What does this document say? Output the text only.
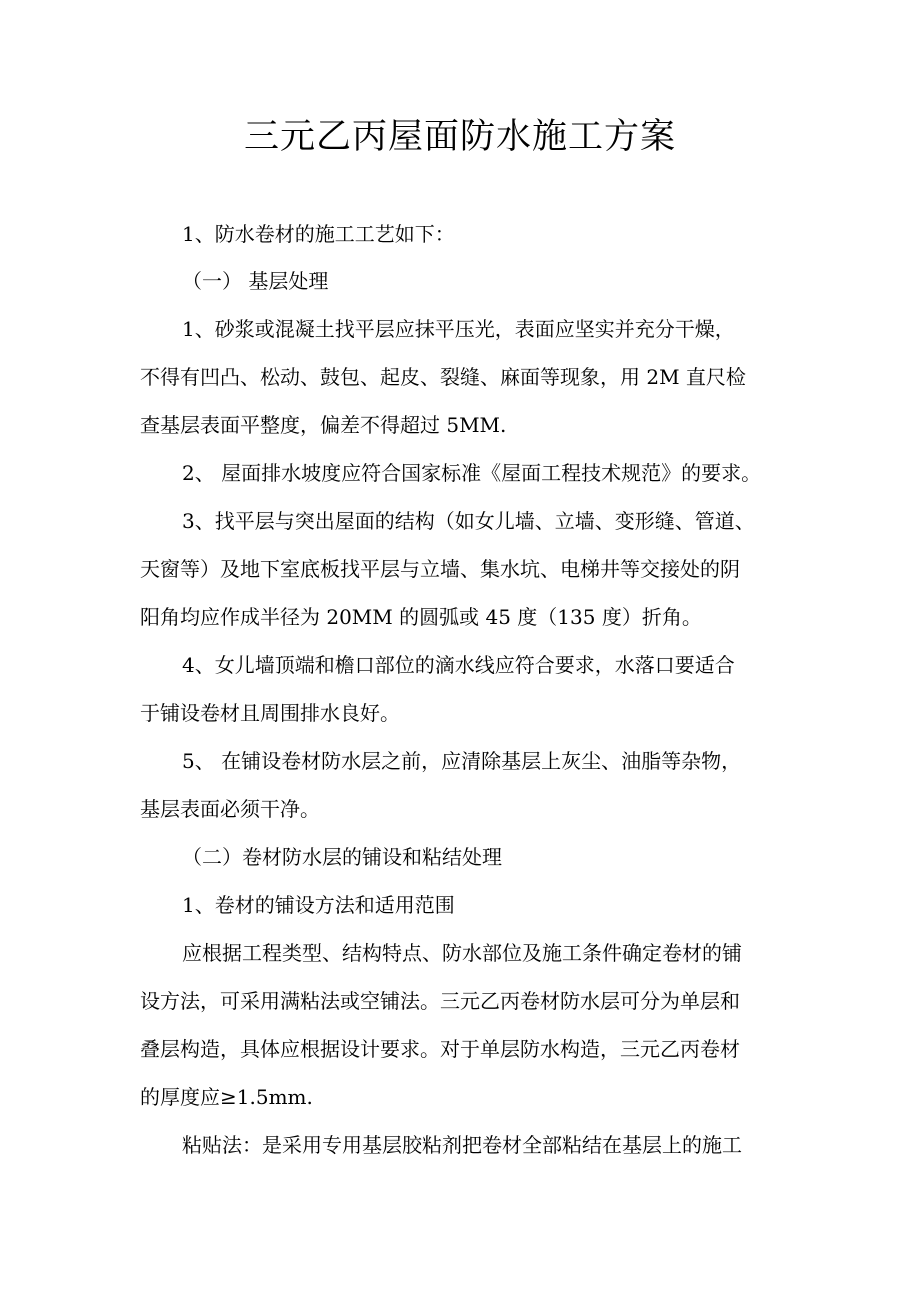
三元乙丙屋面防水施工方案
1、防水卷材的施工工艺如下：
（一） 基层处理
1、砂浆或混凝土找平层应抹平压光，表面应坚实并充分干燥，
不得有凹凸、松动、鼓包、起皮、裂缝、麻面等现象，用 2M 直尺检
查基层表面平整度，偏差不得超过 5MM.
2、 屋面排水坡度应符合国家标准《屋面工程技术规范》的要求。
3、找平层与突出屋面的结构（如女儿墙、立墙、变形缝、管道、
天窗等）及地下室底板找平层与立墙、集水坑、电梯井等交接处的阴
阳角均应作成半径为 20MM 的圆弧或 45 度（135 度）折角。
4、女儿墙顶端和檐口部位的滴水线应符合要求，水落口要适合
于铺设卷材且周围排水良好。
5、 在铺设卷材防水层之前，应清除基层上灰尘、油脂等杂物，
基层表面必须干净。
（二）卷材防水层的铺设和粘结处理
1、卷材的铺设方法和适用范围
应根据工程类型、结构特点、防水部位及施工条件确定卷材的铺
设方法，可采用满粘法或空铺法。三元乙丙卷材防水层可分为单层和
叠层构造，具体应根据设计要求。对于单层防水构造，三元乙丙卷材
的厚度应≥1.5mm.
粘贴法：是采用专用基层胶粘剂把卷材全部粘结在基层上的施工
